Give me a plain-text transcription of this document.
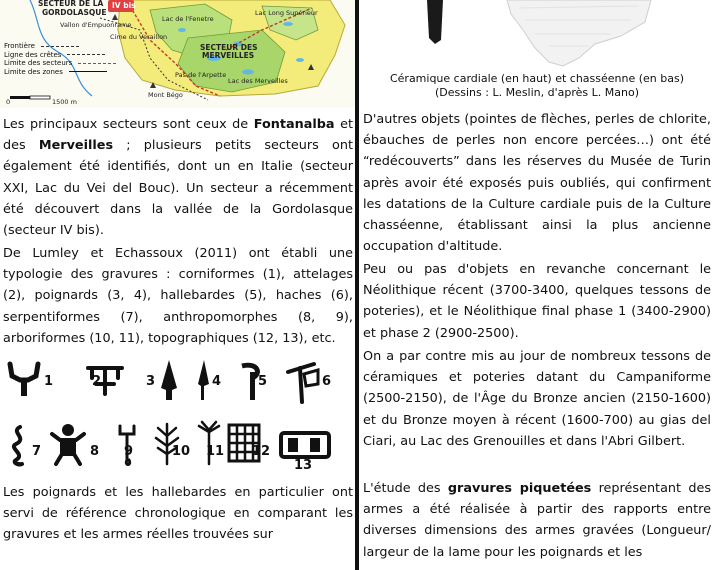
SECTEUR DE LA
GORDOLASQUE
IV bis
Vallon d'Empuonrame
Lac de l'Fenetre
Cime du Veraillon
Pas de l'Arpette
Lac Long Supérieur
Lac des Merveilles
SECTEUR DES
MERVEILLES
Mont Bégo
Frontière
Ligne des crêtes
Limite des secteurs
Limite des zones
0	1500 m

Les principaux secteurs sont ceux de Fontanalba et des Merveilles ; plusieurs petits secteurs ont également été identifiés, dont un en Italie (secteur XXI, Lac du Vei del Bouc). Un secteur a récemment été découvert dans la vallée de la Gordolasque (secteur IV bis).

De Lumley et Echassoux (2011) ont établi une typologie des gravures : corniformes (1), attelages (2), poignards (3, 4), hallebardes (5), haches (6), serpentiformes (7), anthropomorphes (8, 9), arboriformes (10, 11), topographiques (12, 13), etc.

1	2	3	4	5	6
7	8 9	10 11 12
13

Les poignards et les hallebardes en particulier ont servi de référence chronologique en comparant les gravures et les armes réelles trouvées sur

Céramique cardiale (en haut) et chasséenne (en bas)
(Dessins : L. Meslin, d'après L. Mano)

D'autres objets (pointes de flèches, perles de chlorite, ébauches de perles non encore percées…) ont été “redécouverts” dans les réserves du Musée de Turin après avoir été exposés puis oubliés, qui confirment les datations de la Culture cardiale puis de la Culture chasséenne, établissant ainsi la plus ancienne occupation d'altitude.

Peu ou pas d'objets en revanche concernant le Néolithique récent (3700-3400, quelques tessons de poteries), et le Néolithique final phase 1 (3400-2900) et phase 2 (2900-2500).

On a par contre mis au jour de nombreux tessons de céramiques et poteries datant du Campaniforme (2500-2150), de l'Âge du Bronze ancien (2150-1600) et du Bronze moyen à récent (1600-700) au gias del Ciari, au Lac des Grenouilles et dans l'Abri Gilbert.

L'étude des gravures piquetées représentant des armes a été réalisée à partir des rapports entre diverses dimensions des armes gravées (Longueur/ largeur de la lame pour les poignards et les
